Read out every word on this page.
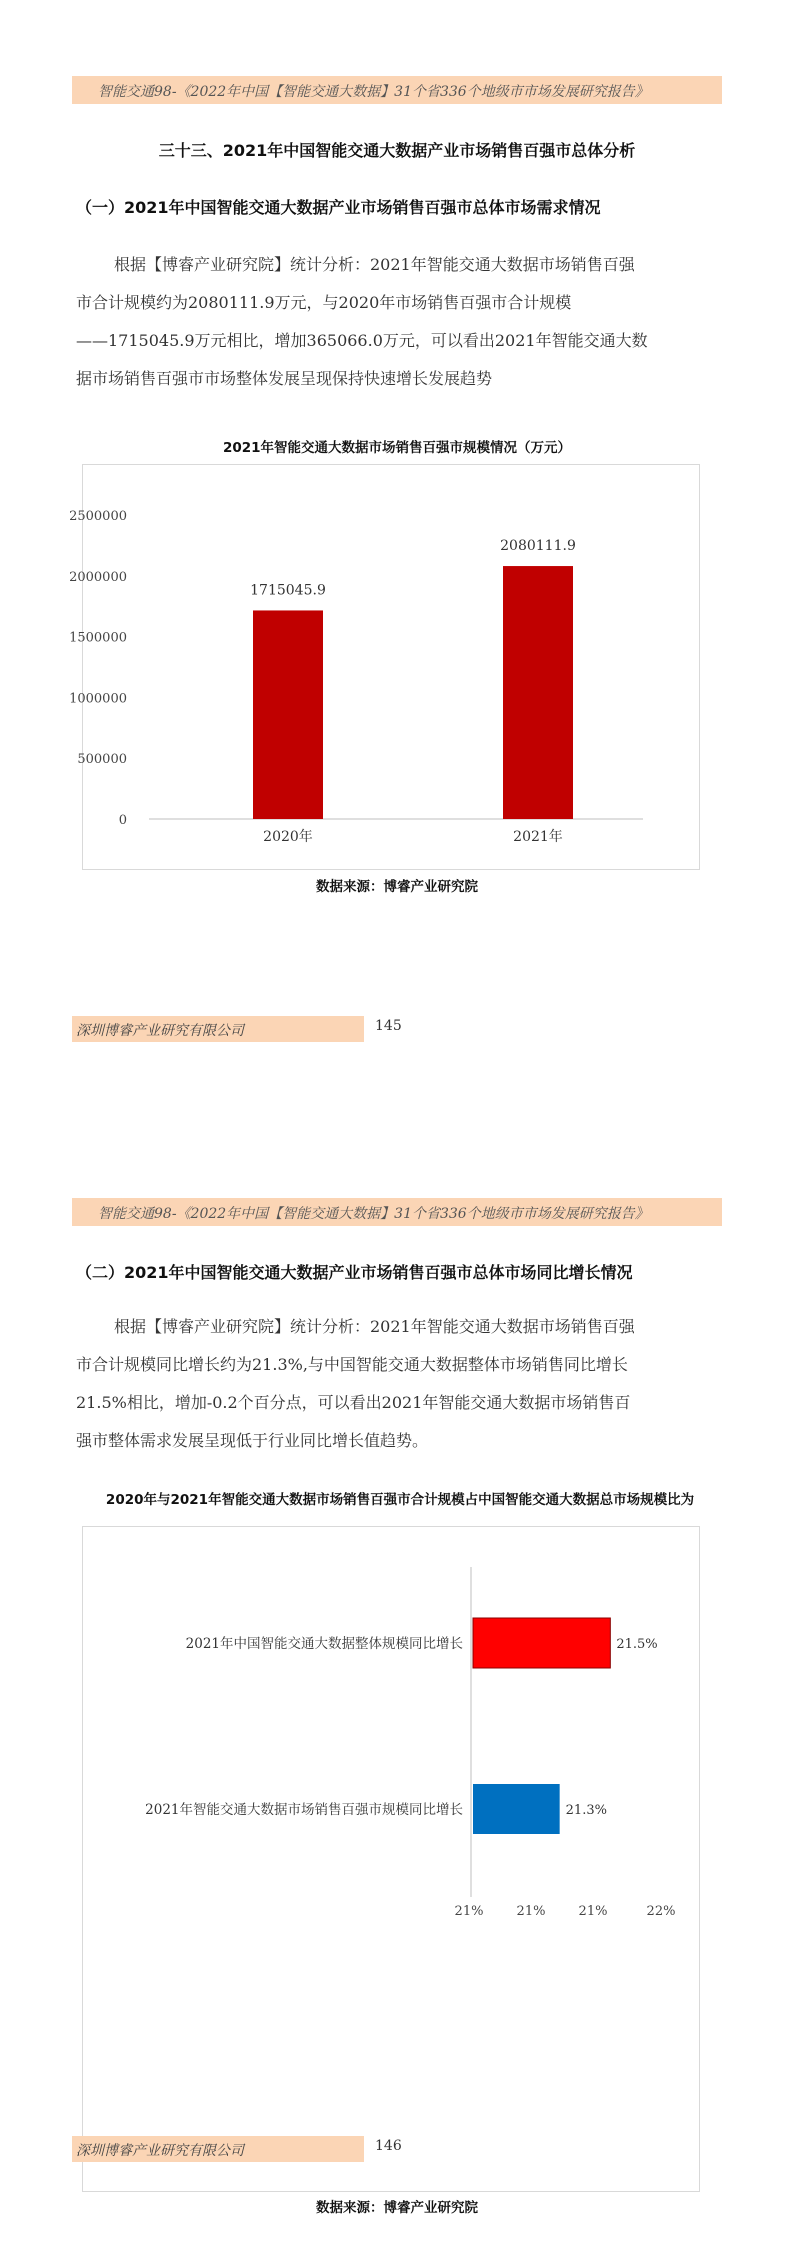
智能交通98-《2022年中国【智能交通大数据】31个省336个地级市市场发展研究报告》
三十三、2021年中国智能交通大数据产业市场销售百强市总体分析
（一）2021年中国智能交通大数据产业市场销售百强市总体市场需求情况
根据【博睿产业研究院】统计分析：2021年智能交通大数据市场销售百强
市合计规模约为2080111.9万元，与2020年市场销售百强市合计规模
——1715045.9万元相比，增加365066.0万元，可以看出2021年智能交通大数
据市场销售百强市市场整体发展呈现保持快速增长发展趋势
2021年智能交通大数据市场销售百强市规模情况（万元）
0
500000
1000000
1500000
2000000
2500000
1715045.9
2020年
2080111.9
2021年
数据来源：博睿产业研究院
深圳博睿产业研究有限公司	145
智能交通98-《2022年中国【智能交通大数据】31个省336个地级市市场发展研究报告》
（二）2021年中国智能交通大数据产业市场销售百强市总体市场同比增长情况
根据【博睿产业研究院】统计分析：2021年智能交通大数据市场销售百强
市合计规模同比增长约为21.3%,与中国智能交通大数据整体市场销售同比增长
21.5%相比，增加-0.2个百分点，可以看出2021年智能交通大数据市场销售百
强市整体需求发展呈现低于行业同比增长值趋势。
2020年与2021年智能交通大数据市场销售百强市合计规模占中国智能交通大数据总市场规模比为
2021年中国智能交通大数据整体规模同比增长	21.5%
2021年智能交通大数据市场销售百强市规模同比增长	21.3%
21%	21%	21%	22%
数据来源：博睿产业研究院
深圳博睿产业研究有限公司	146
